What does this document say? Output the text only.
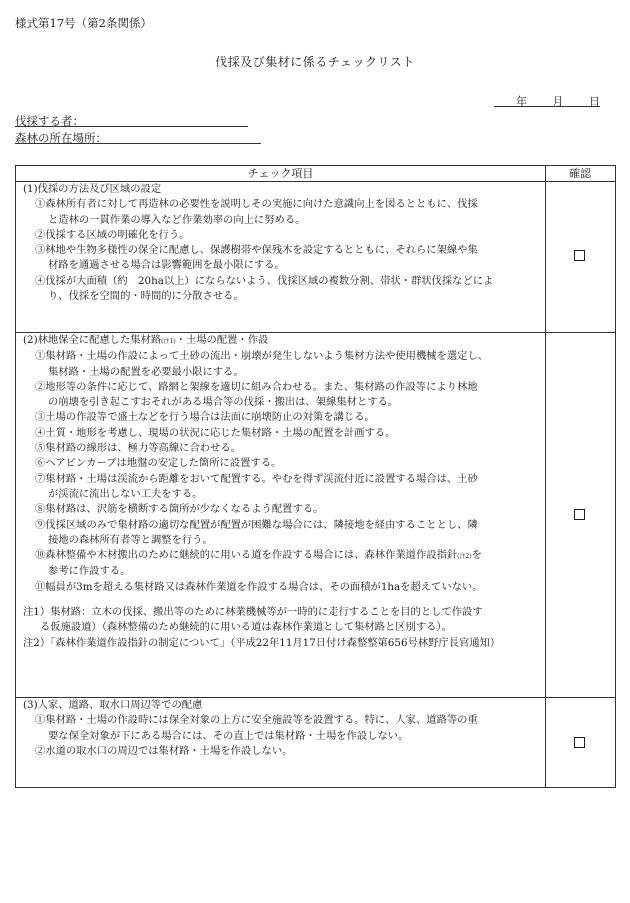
様式第17号（第2条関係）
伐採及び集材に係るチェックリスト
年 月 日
伐採する者：
森林の所在場所：
チェック項目	確認
(1)伐採の方法及び区域の設定
①森林所有者に対して再造林の必要性を説明しその実施に向けた意識向上を図るとともに、伐採
と造林の一貫作業の導入など作業効率の向上に努める。
②伐採する区域の明確化を行う。
③林地や生物多様性の保全に配慮し、保護樹帯や保残木を設定するとともに、それらに架線や集
材路を通過させる場合は影響範囲を最小限にする。
④伐採が大面積（約　20ha以上）にならないよう、伐採区域の複数分割、帯状・群状伐採などによ
り、伐採を空間的・時間的に分散させる。
(2)林地保全に配慮した集材路(注1)・土場の配置・作設
①集材路・土場の作設によって土砂の流出・崩壊が発生しないよう集材方法や使用機械を選定し、
集材路・土場の配置を必要最小限にする。
②地形等の条件に応じて、路網と架線を適切に組み合わせる。また、集材路の作設等により林地
の崩壊を引き起こすおそれがある場合等の伐採・搬出は、架線集材とする。
③土場の作設等で盛土などを行う場合は法面に崩壊防止の対策を講じる。
④土質・地形を考慮し、現場の状況に応じた集材路・土場の配置を計画する。
⑤集材路の線形は、極力等高線に合わせる。
⑥ヘアピンカーブは地盤の安定した箇所に設置する。
⑦集材路・土場は渓流から距離をおいて配置する。やむを得ず渓流付近に設置する場合は、土砂
が渓流に流出しない工夫をする。
⑧集材路は、沢筋を横断する箇所が少なくなるよう配置する。
⑨伐採区域のみで集材路の適切な配置が配置が困難な場合には、隣接地を経由することとし、隣
接地の森林所有者等と調整を行う。
⑩森林整備や木材搬出のために継続的に用いる道を作設する場合には、森林作業道作設指針(注2)を
参考に作設する。
⑪幅員が3mを超える集材路又は森林作業道を作設する場合は、その面積が1haを超えていない。
注1）集材路：立木の伐採、搬出等のために林業機械等が一時的に走行することを目的として作設す
る仮施設道）（森林整備のため継続的に用いる道は森林作業道として集材路と区別する）。
注2）「森林作業道作設指針の制定について」（平成22年11月17日付け森整整第656号林野庁長官通知）
(3)人家、道路、取水口周辺等での配慮
①集材路・土場の作設時には保全対象の上方に安全施設等を設置する。特に、人家、道路等の重
要な保全対象が下にある場合には、その直上では集材路・土場を作設しない。
②水道の取水口の周辺では集材路・土場を作設しない。
